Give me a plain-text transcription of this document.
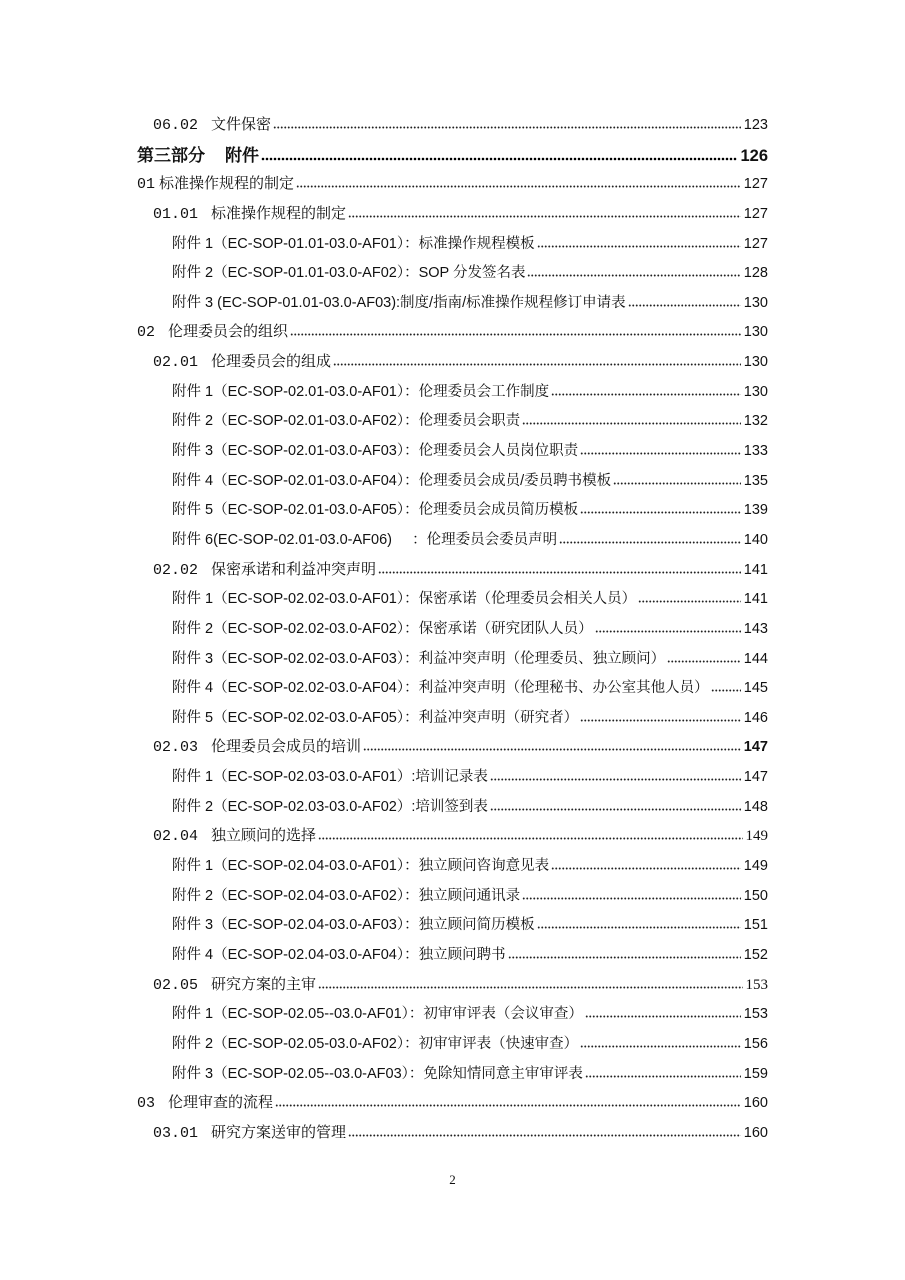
06.02 文件保密	123
第三部分 附件	126
01 标准操作规程的制定	127
01.01 标准操作规程的制定	127
附件 1（EC-SOP-01.01-03.0-AF01）：标准操作规程模板	127
附件 2（EC-SOP-01.01-03.0-AF02）：SOP 分发签名表	128
附件 3 (EC-SOP-01.01-03.0-AF03):制度/指南/标准操作规程修订申请表	130
02 伦理委员会的组织	130
02.01 伦理委员会的组成	130
附件 1（EC-SOP-02.01-03.0-AF01）：伦理委员会工作制度	130
附件 2（EC-SOP-02.01-03.0-AF02）：伦理委员会职责	132
附件 3（EC-SOP-02.01-03.0-AF03）：伦理委员会人员岗位职责	133
附件 4（EC-SOP-02.01-03.0-AF04）：伦理委员会成员/委员聘书模板	135
附件 5（EC-SOP-02.01-03.0-AF05）：伦理委员会成员简历模板	139
附件 6(EC-SOP-02.01-03.0-AF06)     ：伦理委员会委员声明	140
02.02 保密承诺和利益冲突声明	141
附件 1（EC-SOP-02.02-03.0-AF01）：保密承诺（伦理委员会相关人员）	141
附件 2（EC-SOP-02.02-03.0-AF02）：保密承诺（研究团队人员）	143
附件 3（EC-SOP-02.02-03.0-AF03）：利益冲突声明（伦理委员、独立顾问）	144
附件 4（EC-SOP-02.02-03.0-AF04）：利益冲突声明（伦理秘书、办公室其他人员） 145
附件 5（EC-SOP-02.02-03.0-AF05）：利益冲突声明（研究者）	146
02.03 伦理委员会成员的培训	147
附件 1（EC-SOP-02.03-03.0-AF01）:培训记录表	147
附件 2（EC-SOP-02.03-03.0-AF02）:培训签到表	148
02.04 独立顾问的选择	149
附件 1（EC-SOP-02.04-03.0-AF01）：独立顾问咨询意见表	149
附件 2（EC-SOP-02.04-03.0-AF02）：独立顾问通讯录	150
附件 3（EC-SOP-02.04-03.0-AF03）：独立顾问简历模板	151
附件 4（EC-SOP-02.04-03.0-AF04）：独立顾问聘书	152
02.05 研究方案的主审	153
附件 1（EC-SOP-02.05--03.0-AF01）：初审审评表（会议审查）	153
附件 2（EC-SOP-02.05-03.0-AF02）：初审审评表（快速审查）	156
附件 3（EC-SOP-02.05--03.0-AF03）：免除知情同意主审审评表	159
03 伦理审查的流程	160
03.01 研究方案送审的管理	160
2
